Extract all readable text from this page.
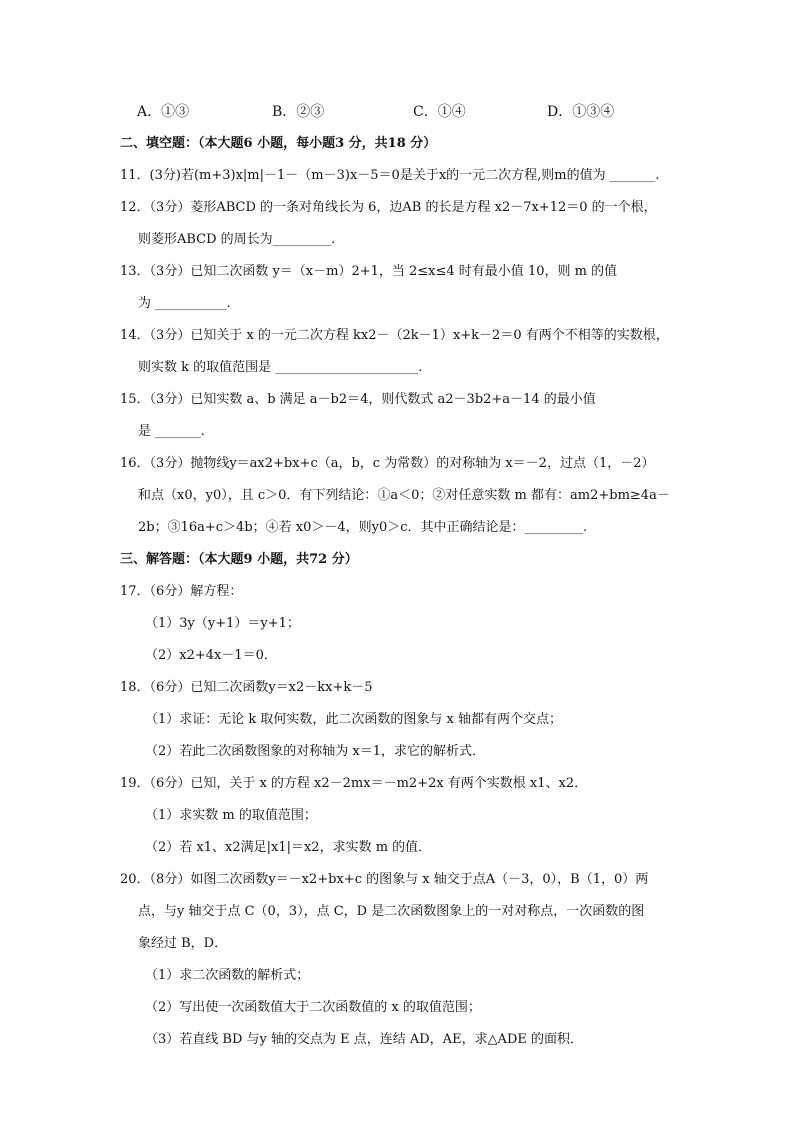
A．①③	B．②③	C．①④	D．①③④
二、填空题：（本大题6 小题，每小题3 分，共18 分）
11．(3分)若(m+3)x|m|－1－（m－3)x－5＝0是关于x的一元二次方程,则m的值为 _______.
12．（3分）菱形ABCD 的一条对角线长为 6，边AB 的长是方程 x2－7x+12＝0 的一个根，
则菱形ABCD 的周长为_________.
13．（3分）已知二次函数 y＝（x－m）2+1，当 2≤x≤4 时有最小值 10，则 m 的值
为 ___________.
14．（3分）已知关于 x 的一元二次方程 kx2－（2k－1）x+k－2＝0 有两个不相等的实数根，
则实数 k 的取值范围是 ______________________.
15．（3分）已知实数 a、b 满足 a－b2＝4，则代数式 a2－3b2+a－14 的最小值
是 _______.
16．（3分）抛物线y＝ax2+bx+c（a，b，c 为常数）的对称轴为 x＝－2，过点（1，－2）
和点（x0，y0），且 c＞0．有下列结论：①a＜0；②对任意实数 m 都有：am2+bm≥4a－
2b；③16a+c＞4b；④若 x0＞－4，则y0＞c．其中正确结论是：_________.
三、解答题：（本大题9 小题，共72 分）
17．（6分）解方程：
（1）3y（y+1）＝y+1；
（2）x2+4x－1＝0．
18．（6分）已知二次函数y＝x2－kx+k－5
（1）求证：无论 k 取何实数，此二次函数的图象与 x 轴都有两个交点；
（2）若此二次函数图象的对称轴为 x＝1，求它的解析式．
19．（6分）已知，关于 x 的方程 x2－2mx＝－m2+2x 有两个实数根 x1、x2．
（1）求实数 m 的取值范围；
（2）若 x1、x2满足|x1|＝x2，求实数 m 的值．
20．（8分）如图二次函数y＝－x2+bx+c 的图象与 x 轴交于点A（－3，0），B（1，0）两
点，与y 轴交于点 C（0，3），点 C，D 是二次函数图象上的一对对称点，一次函数的图
象经过 B，D．
（1）求二次函数的解析式；
（2）写出使一次函数值大于二次函数值的 x 的取值范围；
（3）若直线 BD 与y 轴的交点为 E 点，连结 AD，AE，求△ADE 的面积．
